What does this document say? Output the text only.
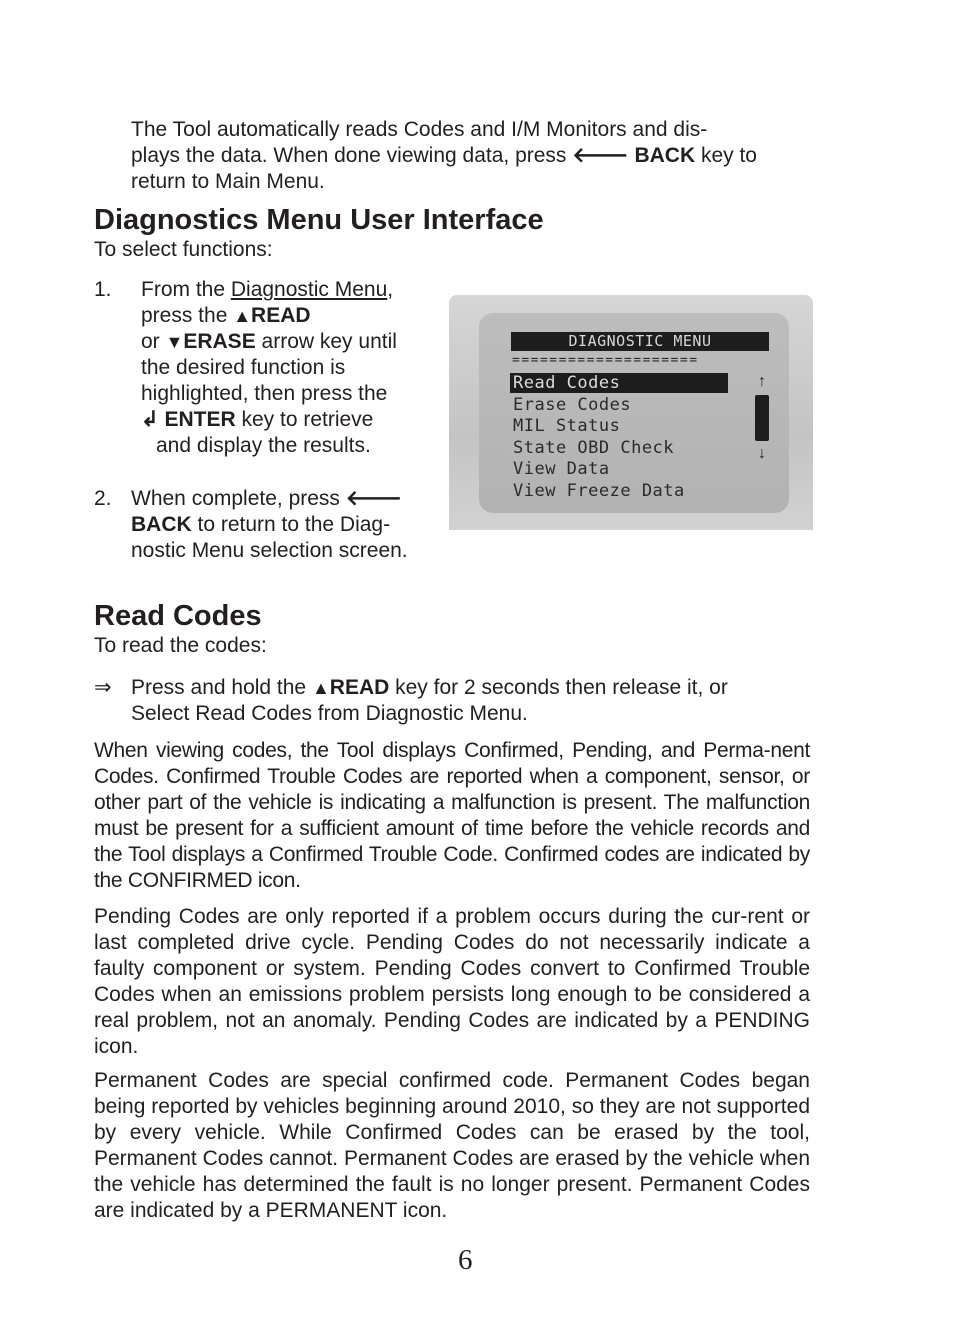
The Tool automatically reads Codes and I/M Monitors and dis-
plays the data. When done viewing data, press 🡐 BACK key to
return to Main Menu.
Diagnostics Menu User Interface
To select functions:
1. From the Diagnostic Menu,
press the ▲READ
or ▼ERASE arrow key until
the desired function is
highlighted, then press the
↲ ENTER key to retrieve
and display the results.
2. When complete, press 🡐
BACK to return to the Diag-
nostic Menu selection screen.
DIAGNOSTIC MENU
====================
Read Codes
Erase Codes
MIL Status
State OBD Check
View Data
View Freeze Data
↑
↓
Read Codes
To read the codes:
⇒ Press and hold the ▲READ key for 2 seconds then release it, or
Select Read Codes from Diagnostic Menu.

When viewing codes, the Tool displays Confirmed, Pending, and Perma-nent Codes. Confirmed Trouble Codes are reported when a component, sensor, or other part of the vehicle is indicating a malfunction is present. The malfunction must be present for a sufficient amount of time before the vehicle records and the Tool displays a Confirmed Trouble Code. Confirmed codes are indicated by the CONFIRMED icon.

Pending Codes are only reported if a problem occurs during the cur-rent or last completed drive cycle. Pending Codes do not necessarily indicate a faulty component or system. Pending Codes convert to Confirmed Trouble Codes when an emissions problem persists long enough to be considered a real problem, not an anomaly. Pending Codes are indicated by a PENDING icon.

Permanent Codes are special confirmed code. Permanent Codes began being reported by vehicles beginning around 2010, so they are not supported by every vehicle. While Confirmed Codes can be erased by the tool, Permanent Codes cannot. Permanent Codes are erased by the vehicle when the vehicle has determined the fault is no longer present. Permanent Codes are indicated by a PERMANENT icon.

6
